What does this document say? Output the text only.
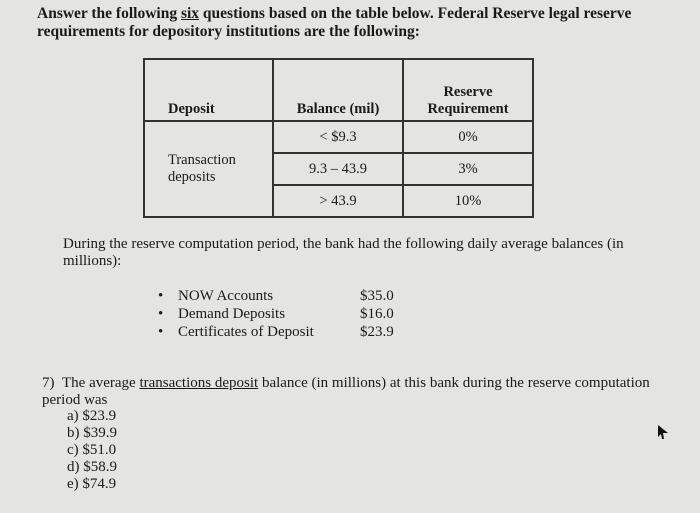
Answer the following six questions based on the table below. Federal Reserve legal reserve requirements for depository institutions are the following:
Deposit	Balance (mil)	Reserve Requirement
Transaction deposits	< $9.3	0%
	9.3 – 43.9	3%
	> 43.9	10%
During the reserve computation period, the bank had the following daily average balances (in millions):
• NOW Accounts	$35.0
• Demand Deposits	$16.0
• Certificates of Deposit	$23.9
7) The average transactions deposit balance (in millions) at this bank during the reserve computation period was
a) $23.9
b) $39.9
c) $51.0
d) $58.9
e) $74.9
